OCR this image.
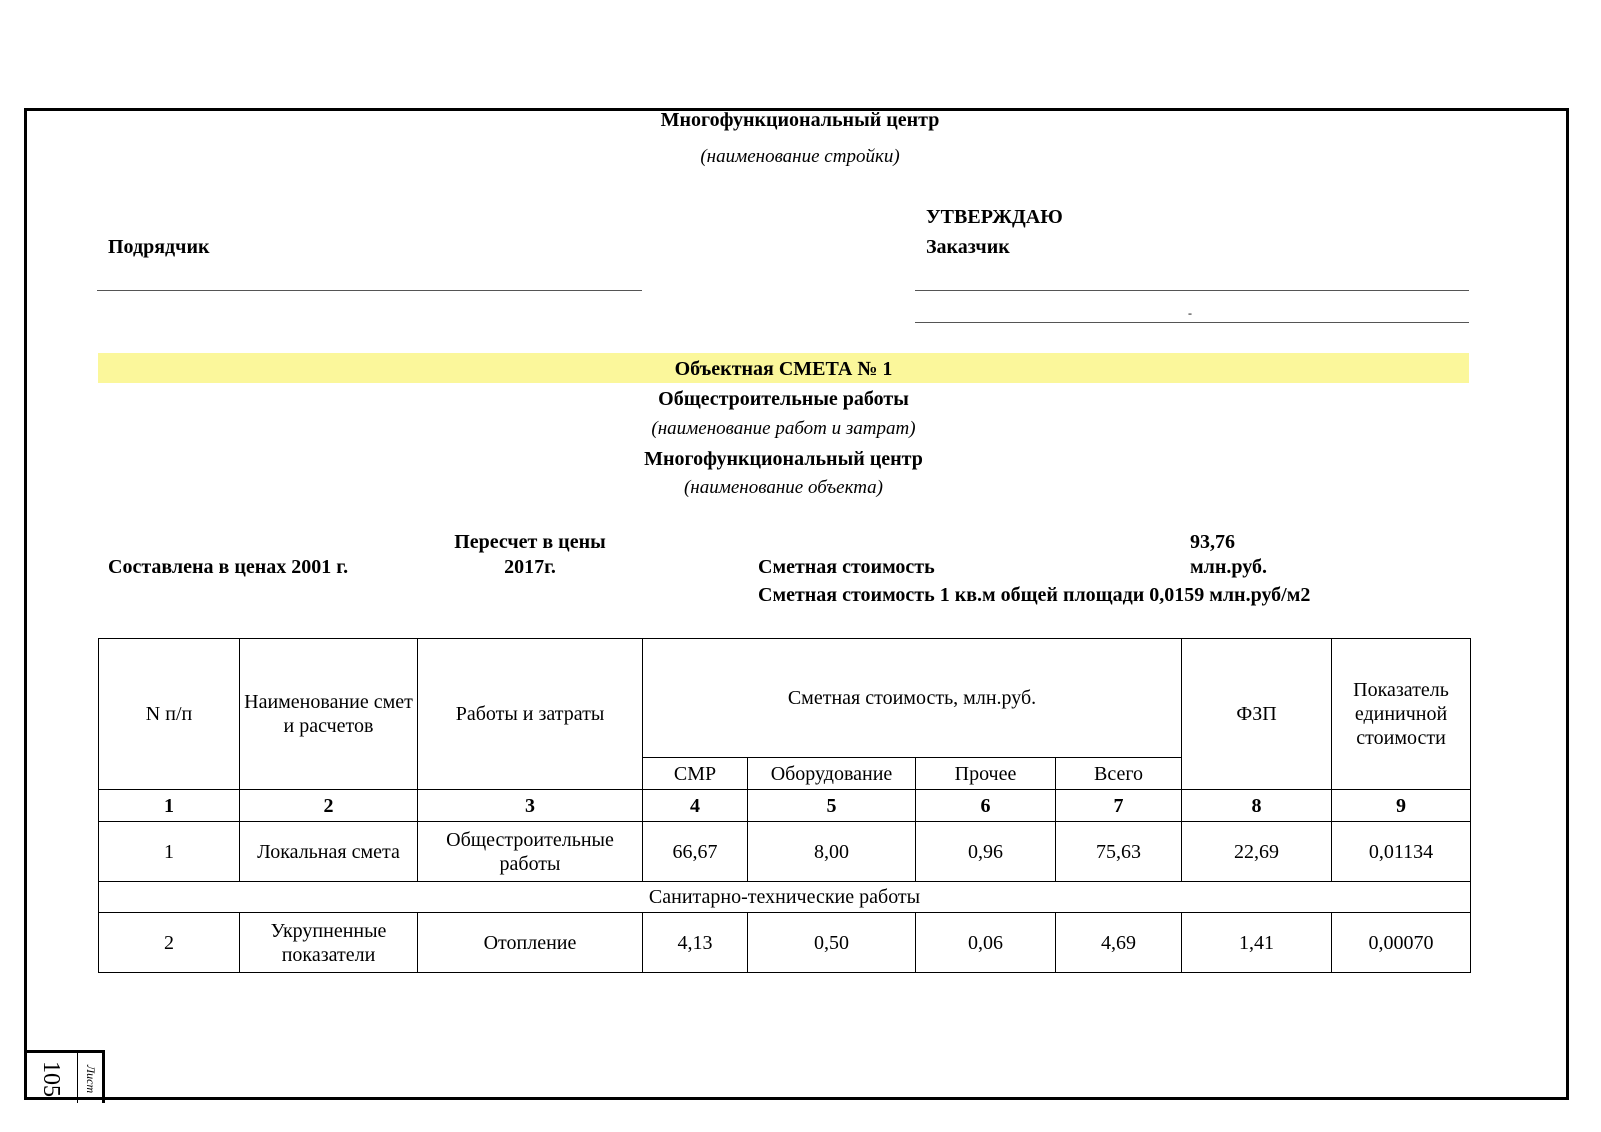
Многофункциональный центр
(наименование стройки)
УТВЕРЖДАЮ
Заказчик
Подрядчик
-
Объектная СМЕТА № 1
Общестроительные работы
(наименование работ и затрат)
Многофункциональный центр
(наименование объекта)
Составлена в ценах 2001 г.
Пересчет в цены
2017г.	Сметная стоимость
93,76
млн.руб.
Сметная стоимость 1 кв.м общей площади 0,0159 млн.руб/м2
N п/п	Наименование смет и расчетов	Работы и затраты	Сметная стоимость, млн.руб.				ФЗП	Показатель единичной стоимости
			СМР	Оборудование	Прочее	Всего		
1	2	3	4	5	6	7	8	9
1	Локальная смета	Общестроительные работы	66,67	8,00	0,96	75,63	22,69	0,01134
Санитарно-технические работы								
2	Укрупненные показатели	Отопление	4,13	0,50	0,06	4,69	1,41	0,00070
105 Лист
